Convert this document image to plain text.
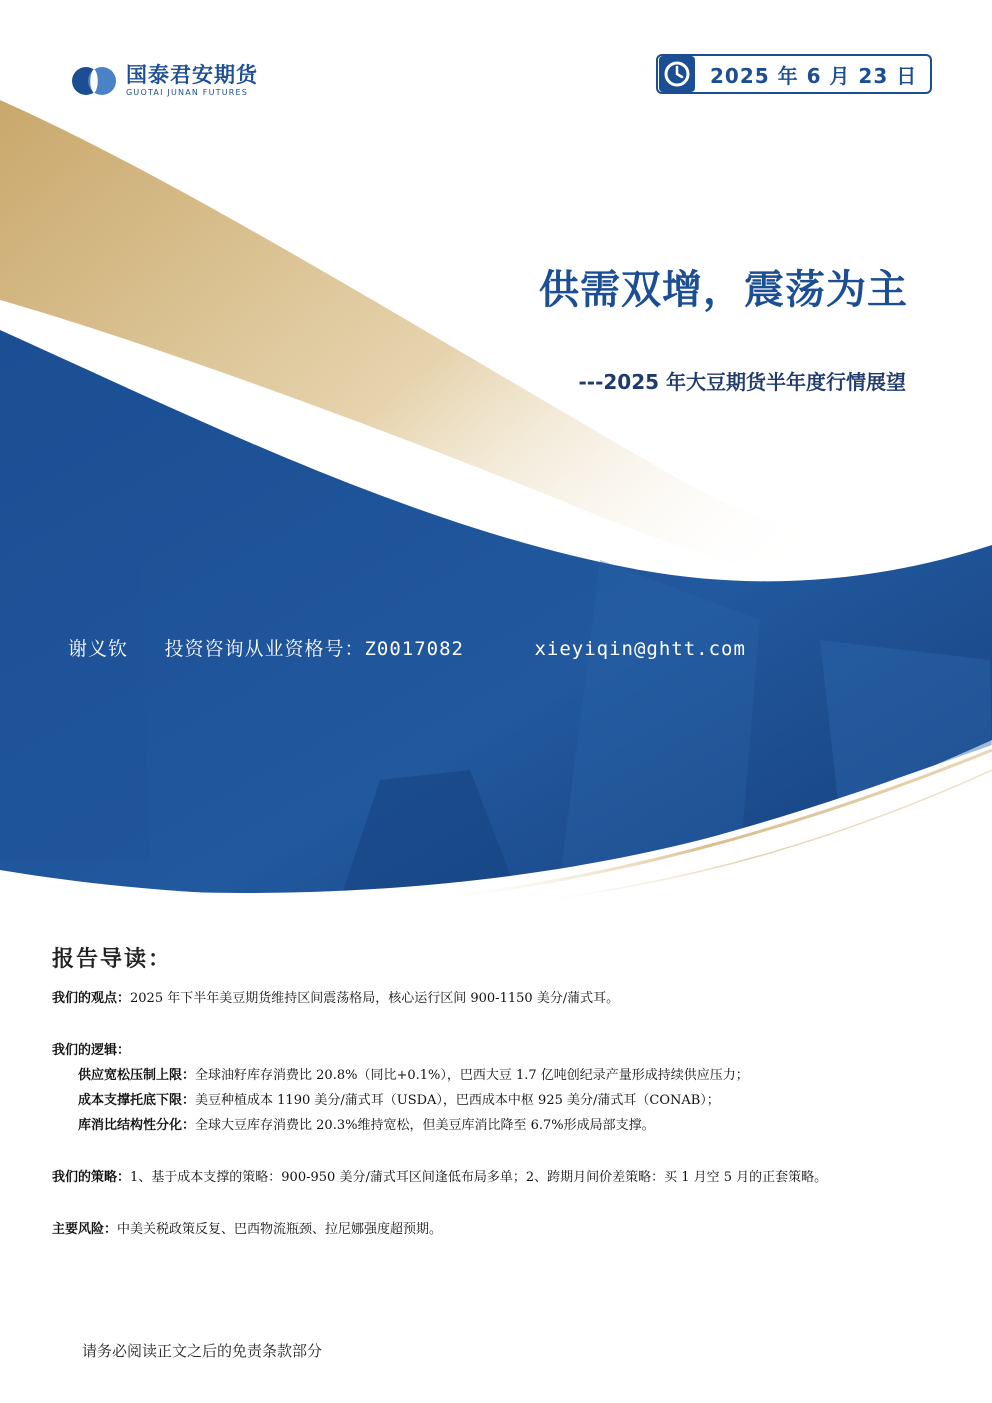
国泰君安期货
GUOTAI JUNAN FUTURES
2025 年 6 月 23 日
供需双增，震荡为主
---2025 年大豆期货半年度行情展望
谢义钦 投资咨询从业资格号：Z0017082	xieyiqin@ghtt.com
报告导读：

我们的观点：2025 年下半年美豆期货维持区间震荡格局，核心运行区间 900-1150 美分/蒲式耳。

我们的逻辑：

供应宽松压制上限：全球油籽库存消费比 20.8%（同比+0.1%），巴西大豆 1.7 亿吨创纪录产量形成持续供应压力；

成本支撑托底下限：美豆种植成本 1190 美分/蒲式耳（USDA），巴西成本中枢 925 美分/蒲式耳（CONAB）；

库消比结构性分化：全球大豆库存消费比 20.3%维持宽松，但美豆库消比降至 6.7%形成局部支撑。

我们的策略：1、基于成本支撑的策略：900-950 美分/蒲式耳区间逢低布局多单；2、跨期月间价差策略：买 1 月空 5 月的正套策略。

主要风险：中美关税政策反复、巴西物流瓶颈、拉尼娜强度超预期。

请务必阅读正文之后的免责条款部分
